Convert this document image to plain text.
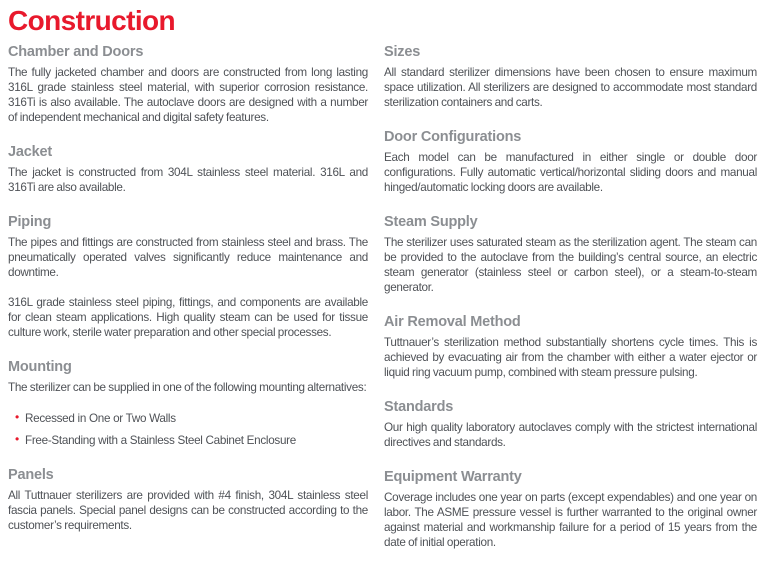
Construction
Chamber and Doors

The fully jacketed chamber and doors are constructed from long lasting 316L grade stainless steel material, with superior corrosion resistance. 316Ti is also available. The autoclave doors are designed with a number of independent mechanical and digital safety features.

Jacket

The jacket is constructed from 304L stainless steel material. 316L and 316Ti are also available.

Piping

The pipes and fittings are constructed from stainless steel and brass. The pneumatically operated valves significantly reduce maintenance and downtime.

316L grade stainless steel piping, fittings, and components are available for clean steam applications. High quality steam can be used for tissue culture work, sterile water preparation and other special processes.

Mounting

The sterilizer can be supplied in one of the following mounting alternatives:

• Recessed in One or Two Walls
• Free-Standing with a Stainless Steel Cabinet Enclosure
Panels

All Tuttnauer sterilizers are provided with #4 finish, 304L stainless steel fascia panels. Special panel designs can be constructed according to the customer’s requirements.

Sizes

All standard sterilizer dimensions have been chosen to ensure maximum space utilization. All sterilizers are designed to accommodate most standard sterilization containers and carts.

Door Configurations

Each model can be manufactured in either single or double door configurations. Fully automatic vertical/horizontal sliding doors and manual hinged/automatic locking doors are available.

Steam Supply

The sterilizer uses saturated steam as the sterilization agent. The steam can be provided to the autoclave from the building’s central source, an electric steam generator (stainless steel or carbon steel), or a steam-to-steam generator.

Air Removal Method

Tuttnauer’s sterilization method substantially shortens cycle times. This is achieved by evacuating air from the chamber with either a water ejector or liquid ring vacuum pump, combined with steam pressure pulsing.

Standards

Our high quality laboratory autoclaves comply with the strictest international directives and standards.

Equipment Warranty

Coverage includes one year on parts (except expendables) and one year on labor. The ASME pressure vessel is further warranted to the original owner against material and workmanship failure for a period of 15 years from the date of initial operation.
